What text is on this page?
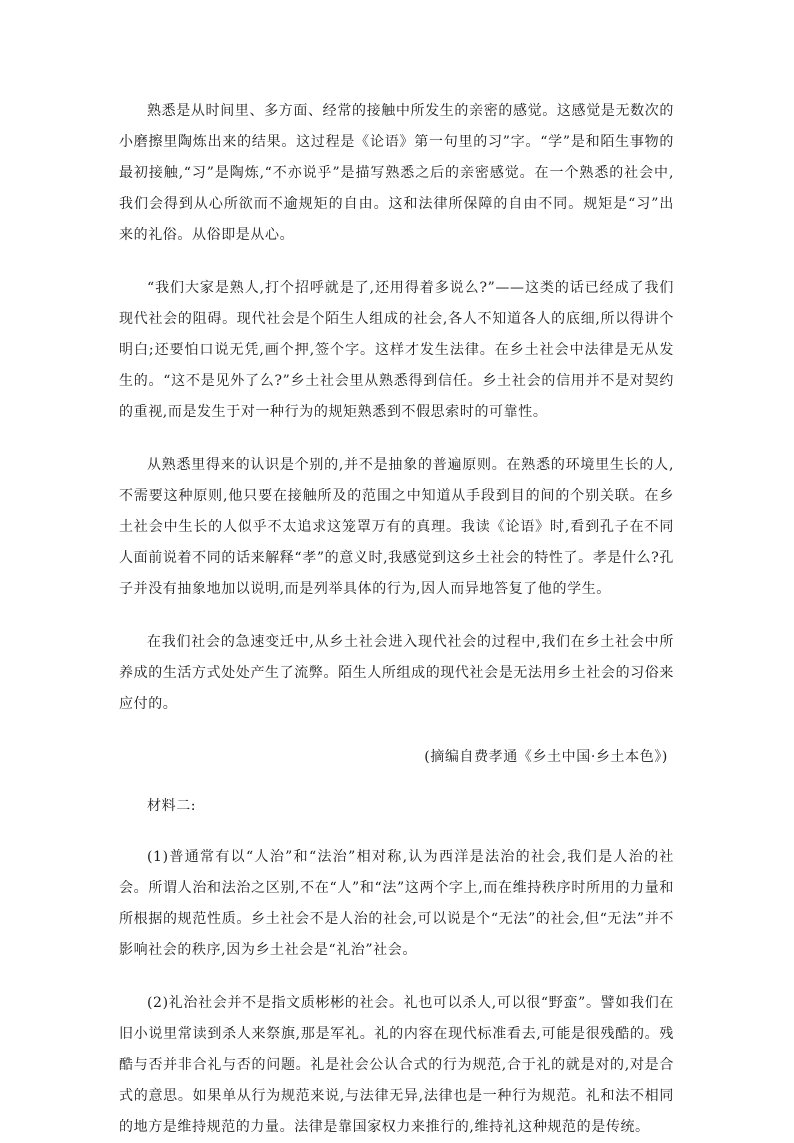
熟悉是从时间里、多方面、经常的接触中所发生的亲密的感觉。这感觉是无数次的小磨擦里陶炼出来的结果。这过程是《论语》第一句里的习”字。“学”是和陌生事物的最初接触,“习”是陶炼,“不亦说乎”是描写熟悉之后的亲密感觉。在一个熟悉的社会中,我们会得到从心所欲而不逾规矩的自由。这和法律所保障的自由不同。规矩是“习”出来的礼俗。从俗即是从心。

“我们大家是熟人,打个招呼就是了,还用得着多说么?”——这类的话已经成了我们现代社会的阻碍。现代社会是个陌生人组成的社会,各人不知道各人的底细,所以得讲个明白;还要怕口说无凭,画个押,签个字。这样才发生法律。在乡土社会中法律是无从发生的。“这不是见外了么?”乡土社会里从熟悉得到信任。乡土社会的信用并不是对契约的重视,而是发生于对一种行为的规矩熟悉到不假思索时的可靠性。

从熟悉里得来的认识是个别的,并不是抽象的普遍原则。在熟悉的环境里生长的人,不需要这种原则,他只要在接触所及的范围之中知道从手段到目的间的个别关联。在乡土社会中生长的人似乎不太追求这笼罩万有的真理。我读《论语》时,看到孔子在不同人面前说着不同的话来解释“孝”的意义时,我感觉到这乡土社会的特性了。孝是什么?孔子并没有抽象地加以说明,而是列举具体的行为,因人而异地答复了他的学生。

在我们社会的急速变迁中,从乡土社会进入现代社会的过程中,我们在乡土社会中所养成的生活方式处处产生了流弊。陌生人所组成的现代社会是无法用乡土社会的习俗来应付的。

(摘编自费孝通《乡土中国·乡土本色》)

材料二:

(1)普通常有以“人治”和“法治”相对称,认为西洋是法治的社会,我们是人治的社会。所谓人治和法治之区别,不在“人”和“法”这两个字上,而在维持秩序时所用的力量和所根据的规范性质。乡土社会不是人治的社会,可以说是个“无法”的社会,但“无法”并不影响社会的秩序,因为乡土社会是“礼治”社会。

(2)礼治社会并不是指文质彬彬的社会。礼也可以杀人,可以很“野蛮”。譬如我们在旧小说里常读到杀人来祭旗,那是军礼。礼的内容在现代标准看去,可能是很残酷的。残酷与否并非合礼与否的问题。礼是社会公认合式的行为规范,合于礼的就是对的,对是合式的意思。如果单从行为规范来说,与法律无异,法律也是一种行为规范。礼和法不相同的地方是维持规范的力量。法律是靠国家权力来推行的,维持礼这种规范的是传统。
